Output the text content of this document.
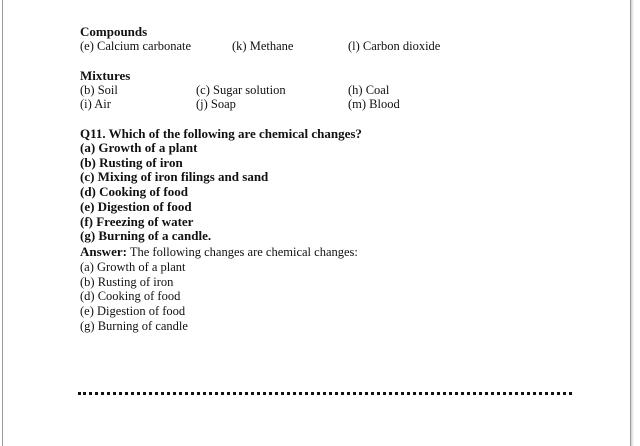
Compounds
(e) Calcium carbonate	(k) Methane	(l) Carbon dioxide
Mixtures
(b) Soil	(c) Sugar solution	(h) Coal
(i) Air	(j) Soap	(m) Blood
Q11. Which of the following are chemical changes?
(a) Growth of a plant
(b) Rusting of iron
(c) Mixing of iron filings and sand
(d) Cooking of food
(e) Digestion of food
(f) Freezing of water
(g) Burning of a candle.
Answer: The following changes are chemical changes:
(a) Growth of a plant
(b) Rusting of iron
(d) Cooking of food
(e) Digestion of food
(g) Burning of candle
